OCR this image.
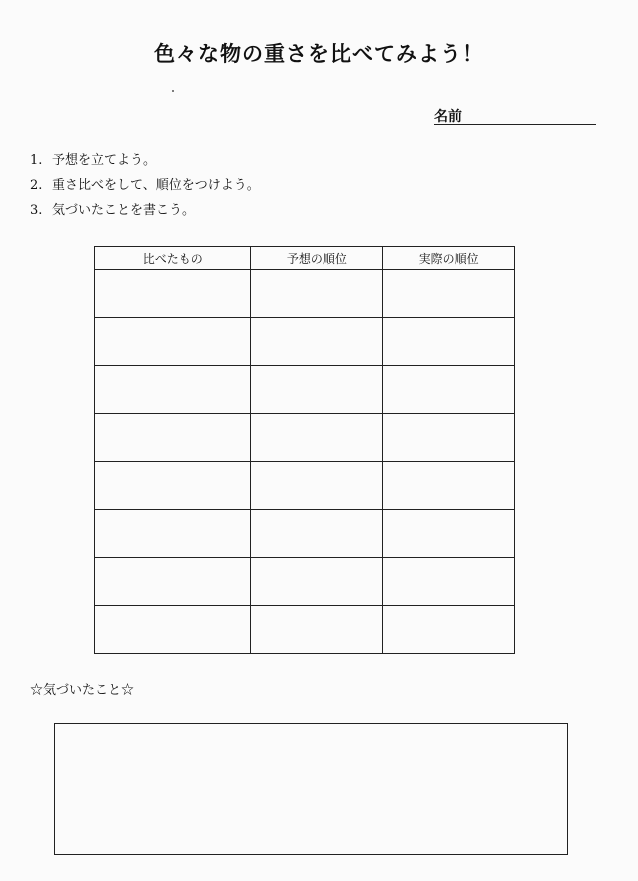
色々な物の重さを比べてみよう！
名前
1. 予想を立てよう。
2. 重さ比べをして、順位をつけよう。
3. 気づいたことを書こう。
比べたもの	予想の順位	実際の順位

☆気づいたこと☆
